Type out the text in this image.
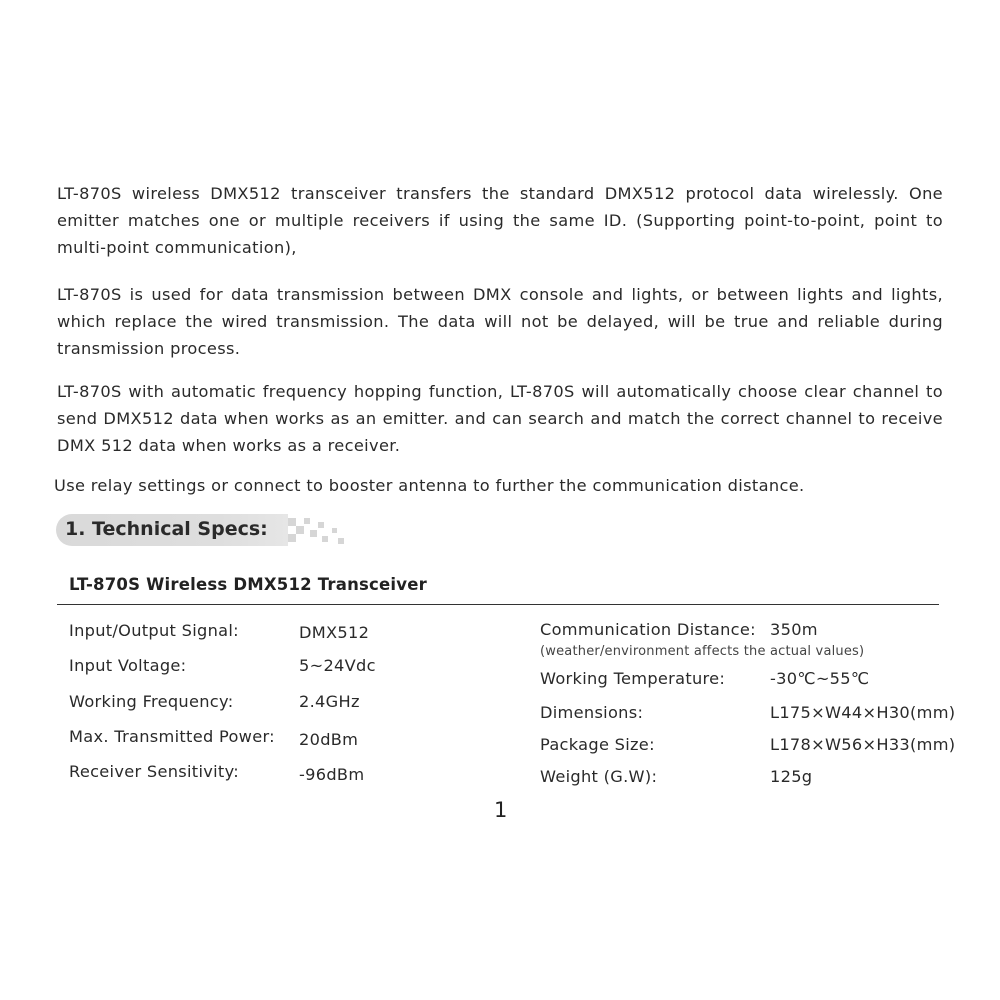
LT-870S wireless DMX512 transceiver transfers the standard DMX512 protocol data wirelessly. One emitter matches one or multiple receivers if using the same ID. (Supporting point-to-point, point to multi-point communication),

LT-870S is used for data transmission between DMX console and lights, or between lights and lights, which replace the wired transmission. The data will not be delayed, will be true and reliable during transmission process.

LT-870S with automatic frequency hopping function, LT-870S will automatically choose clear channel to send DMX512 data when works as an emitter. and can search and match the correct channel to receive DMX 512 data when works as a receiver.

Use relay settings or connect to booster antenna to further the communication distance.

1. Technical Specs:
LT-870S Wireless DMX512 Transceiver
Input/Output Signal:	DMX512
Input Voltage:	5~24Vdc
Working Frequency:	2.4GHz
Max. Transmitted Power: 20dBm
Receiver Sensitivity:	-96dBm
Communication Distance: 350m
(weather/environment affects the actual values)
Working Temperature:	-30℃~55℃
Dimensions:	L175×W44×H30(mm)
Package Size:	L178×W56×H33(mm)
Weight (G.W):	125g
1
